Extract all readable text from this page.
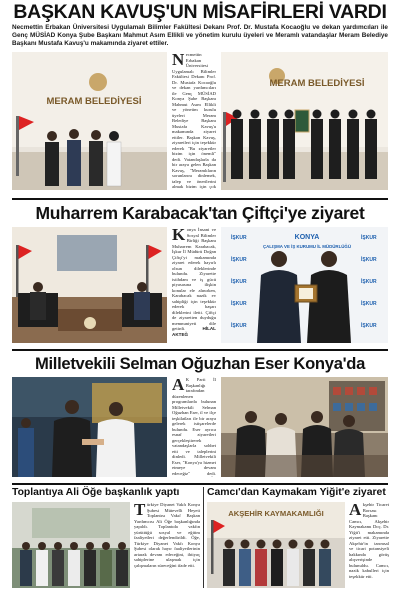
BAŞKAN KAVUŞ'UN MİSAFİRLERİ VARDI
Necmettin Erbakan Üniversitesi Uygulamalı Bilimler Fakültesi Dekanı Prof. Dr. Mustafa Kocaoğlu ve dekan yardımcıları ile Genç MÜSİAD Konya Şube Başkanı Mahmut Asım Ellikli ve yönetim kurulu üyeleri ve Meramlı vatandaşlar Meram Belediye Başkanı Mustafa Kavuş'u makamında ziyaret ettiler.
MERAM BELEDİYESİ
Necmettin Erbakan Üniversitesi Uygulamalı Bilimler Fakültesi Dekanı Prof. Dr. Mustafa Kocaoğlu ve dekan yardımcıları ile Genç MÜSİAD Konya Şube Başkanı Mahmut Asım Ellikli ve yönetim kurulu üyeleri Meram Belediye Başkanı Mustafa Kavuş'u makamında ziyaret ettiler. Başkan Kavuş, ziyaretleri için teşekkür ederek "Bu ziyaretler bizim için önemli" dedi. Vatandaşlarla da bir araya gelen Başkan Kavuş, "Meramlıların sorunlarını dinlemek, talep ve önerilerini almak bizim için çok
MERAM BELEDİYESİ
Muharrem Karabacak'tan Çiftçi'ye ziyaret
Konya İnsani ve Sosyal Bilimler Birliği Başkanı Muharrem Karabacak, İşkur İl Müdürü Doğan Çiftçi'yi makamında ziyaret ederek hayırlı olsun dileklerinde bulundu. Ziyarette istihdam ve iş gücü piyasasına ilişkin konular ele alınırken, Karabacak nazik ev sahipliği için teşekkür ederek başarı dileklerini iletti. Çiftçi de ziyaretten duyduğu memnuniyeti dile getirdi.	HİLAL AKTEĞ
İŞKUR
İŞKUR
İŞKUR
İŞKUR
İŞKUR
İŞKUR
İŞKUR
İŞKUR
İŞKUR
İŞKUR
KONYA
ÇALIŞMA VE İŞ KURUMU İL MÜDÜRLÜĞÜ
Milletvekili Selman Oğuzhan Eser Konya'da
A K Parti İl Başkanlığı tarafından düzenlenen programlarda bulunan Milletvekili Selman Oğuzhan Eser, il ve ilçe teşkilatları ile bir araya gelerek istişarelerde bulundu. Eser ayrıca esnaf ziyaretleri gerçekleştirerek vatandaşlarla sohbet etti ve taleplerini dinledi. Milletvekili Eser, "Konya'ya hizmet etmeye devam edeceğiz" dedi.
Toplantıya Ali Öğe başkanlık yaptı
Türkiye Diyanet Vakfı Konya Şubesi Mütevelli Heyeti Toplantısı Vakıf Başkan Yardımcısı Ali Öğe başkanlığında yapıldı. Toplantıda vakfın yürüttüğü sosyal ve eğitim faaliyetleri değerlendirildi. Öğe, Türkiye Diyanet Vakfı Konya Şubesi olarak hayır faaliyetlerinin artarak devam edeceğini, ihtiyaç sahiplerine ulaşmak için çalışmaların süreceğini ifade etti.
Camcı'dan Kaymakam Yiğit'e ziyaret
AKŞEHİR KAYMAKAMLIĞI Akşehir Ticaret Borsası Başkanı Camcı, Akşehir Kaymakamı Doç. Dr. Yiğit'i makamında ziyaret etti. Ziyarette Akşehir'in tarımsal ve ticari potansiyeli hakkında görüş alışverişinde bulunuldu. Camcı, nazik kabulleri için teşekkür etti.
